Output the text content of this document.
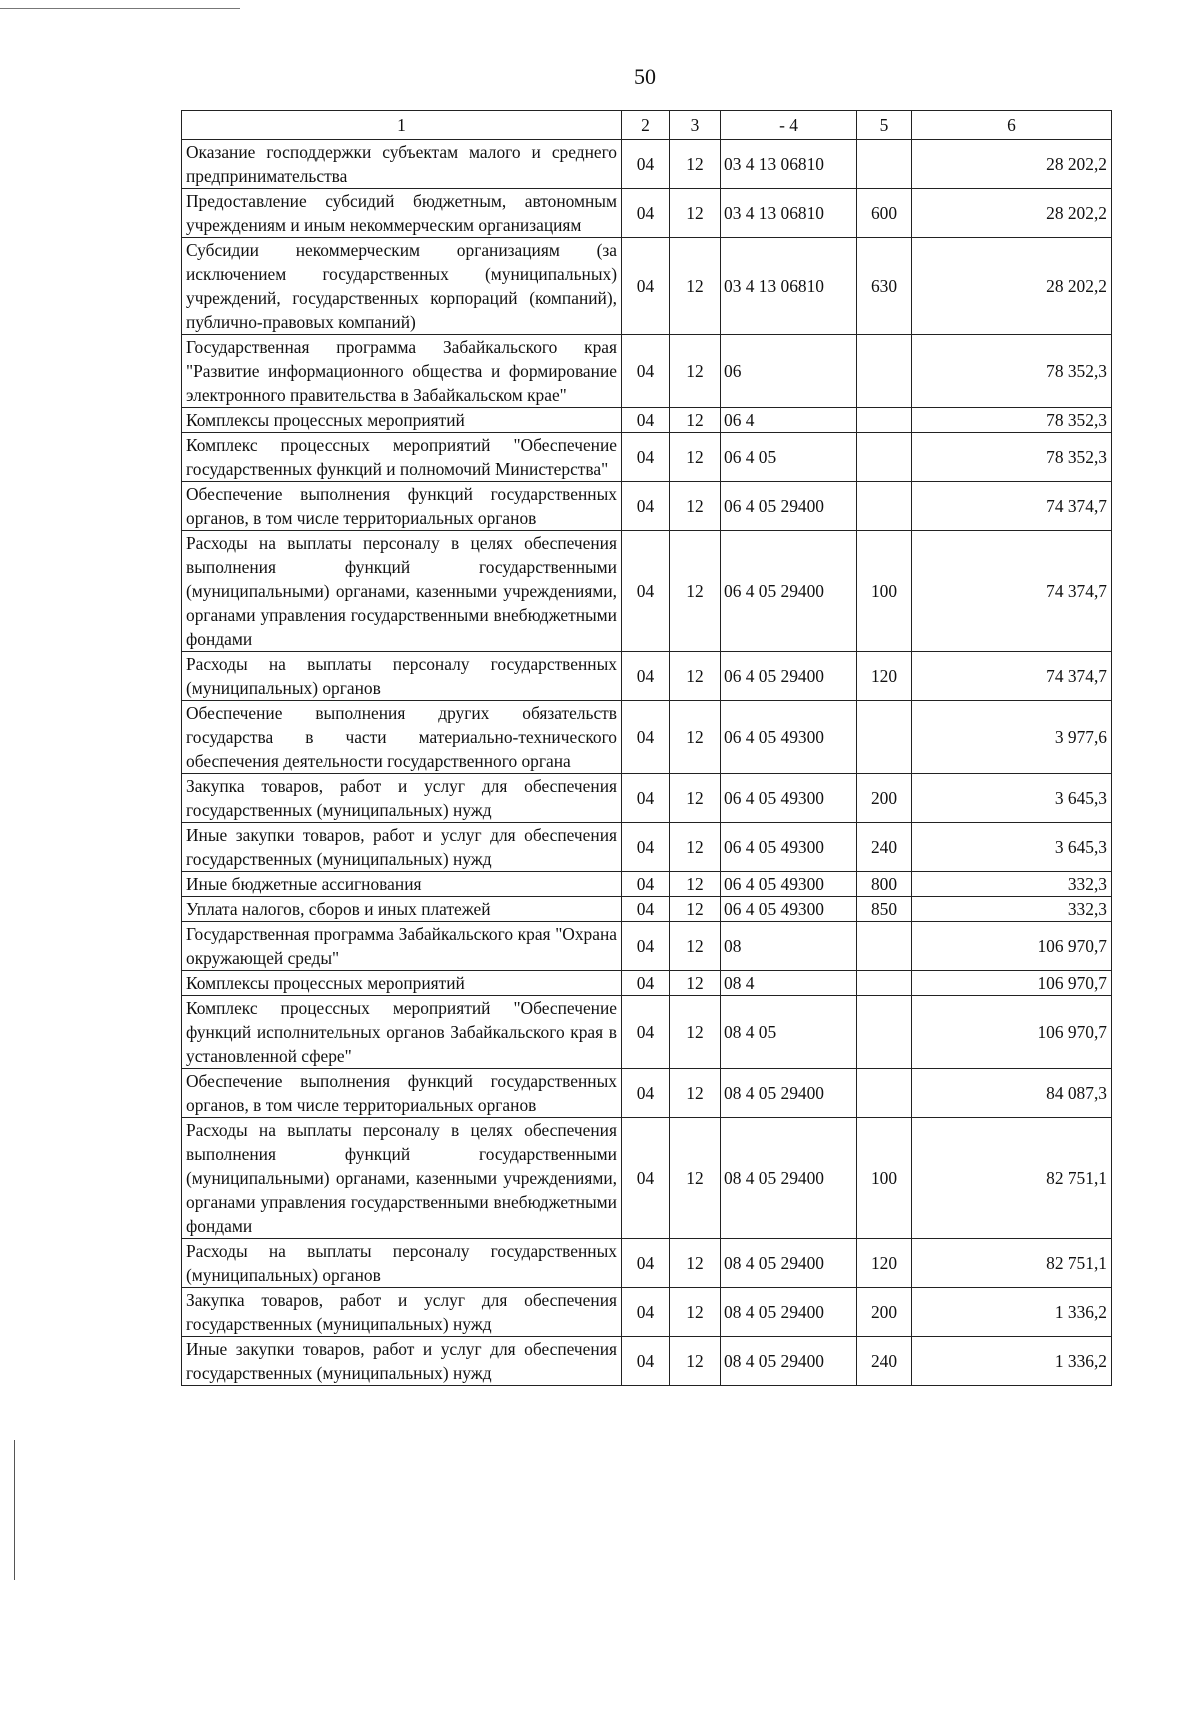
50
1	2	3	- 4	5	6
Оказание господдержки субъектам малого и среднего предпринимательства	04	12	03 4 13 06810		28 202,2
Предоставление субсидий бюджетным, автономным учреждениям и иным некоммерческим организациям	04	12	03 4 13 06810	600	28 202,2
Субсидии некоммерческим организациям (за исключением государственных (муниципальных) учреждений, государственных корпораций (компаний), публично-правовых компаний)	04	12	03 4 13 06810	630	28 202,2
Государственная программа Забайкальского края "Развитие информационного общества и формирование электронного правительства в Забайкальском крае"	04	12	06		78 352,3
Комплексы процессных мероприятий	04	12	06 4		78 352,3
Комплекс процессных мероприятий "Обеспечение государственных функций и полномочий Министерства"	04	12	06 4 05		78 352,3
Обеспечение выполнения функций государственных органов, в том числе территориальных органов	04	12	06 4 05 29400		74 374,7
Расходы на выплаты персоналу в целях обеспечения выполнения функций государственными (муниципальными) органами, казенными учреждениями, органами управления государственными внебюджетными фондами	04	12	06 4 05 29400	100	74 374,7
Расходы на выплаты персоналу государственных (муниципальных) органов	04	12	06 4 05 29400	120	74 374,7
Обеспечение выполнения других обязательств государства в части материально-технического обеспечения деятельности государственного органа	04	12	06 4 05 49300		3 977,6
Закупка товаров, работ и услуг для обеспечения государственных (муниципальных) нужд	04	12	06 4 05 49300	200	3 645,3
Иные закупки товаров, работ и услуг для обеспечения государственных (муниципальных) нужд	04	12	06 4 05 49300	240	3 645,3
Иные бюджетные ассигнования	04	12	06 4 05 49300	800	332,3
Уплата налогов, сборов и иных платежей	04	12	06 4 05 49300	850	332,3
Государственная программа Забайкальского края "Охрана окружающей среды"	04	12	08		106 970,7
Комплексы процессных мероприятий	04	12	08 4		106 970,7
Комплекс процессных мероприятий "Обеспечение функций исполнительных органов Забайкальского края в установленной сфере"	04	12	08 4 05		106 970,7
Обеспечение выполнения функций государственных органов, в том числе территориальных органов	04	12	08 4 05 29400		84 087,3
Расходы на выплаты персоналу в целях обеспечения выполнения функций государственными (муниципальными) органами, казенными учреждениями, органами управления государственными внебюджетными фондами	04	12	08 4 05 29400	100	82 751,1
Расходы на выплаты персоналу государственных (муниципальных) органов	04	12	08 4 05 29400	120	82 751,1
Закупка товаров, работ и услуг для обеспечения государственных (муниципальных) нужд	04	12	08 4 05 29400	200	1 336,2
Иные закупки товаров, работ и услуг для обеспечения государственных (муниципальных) нужд	04	12	08 4 05 29400	240	1 336,2
